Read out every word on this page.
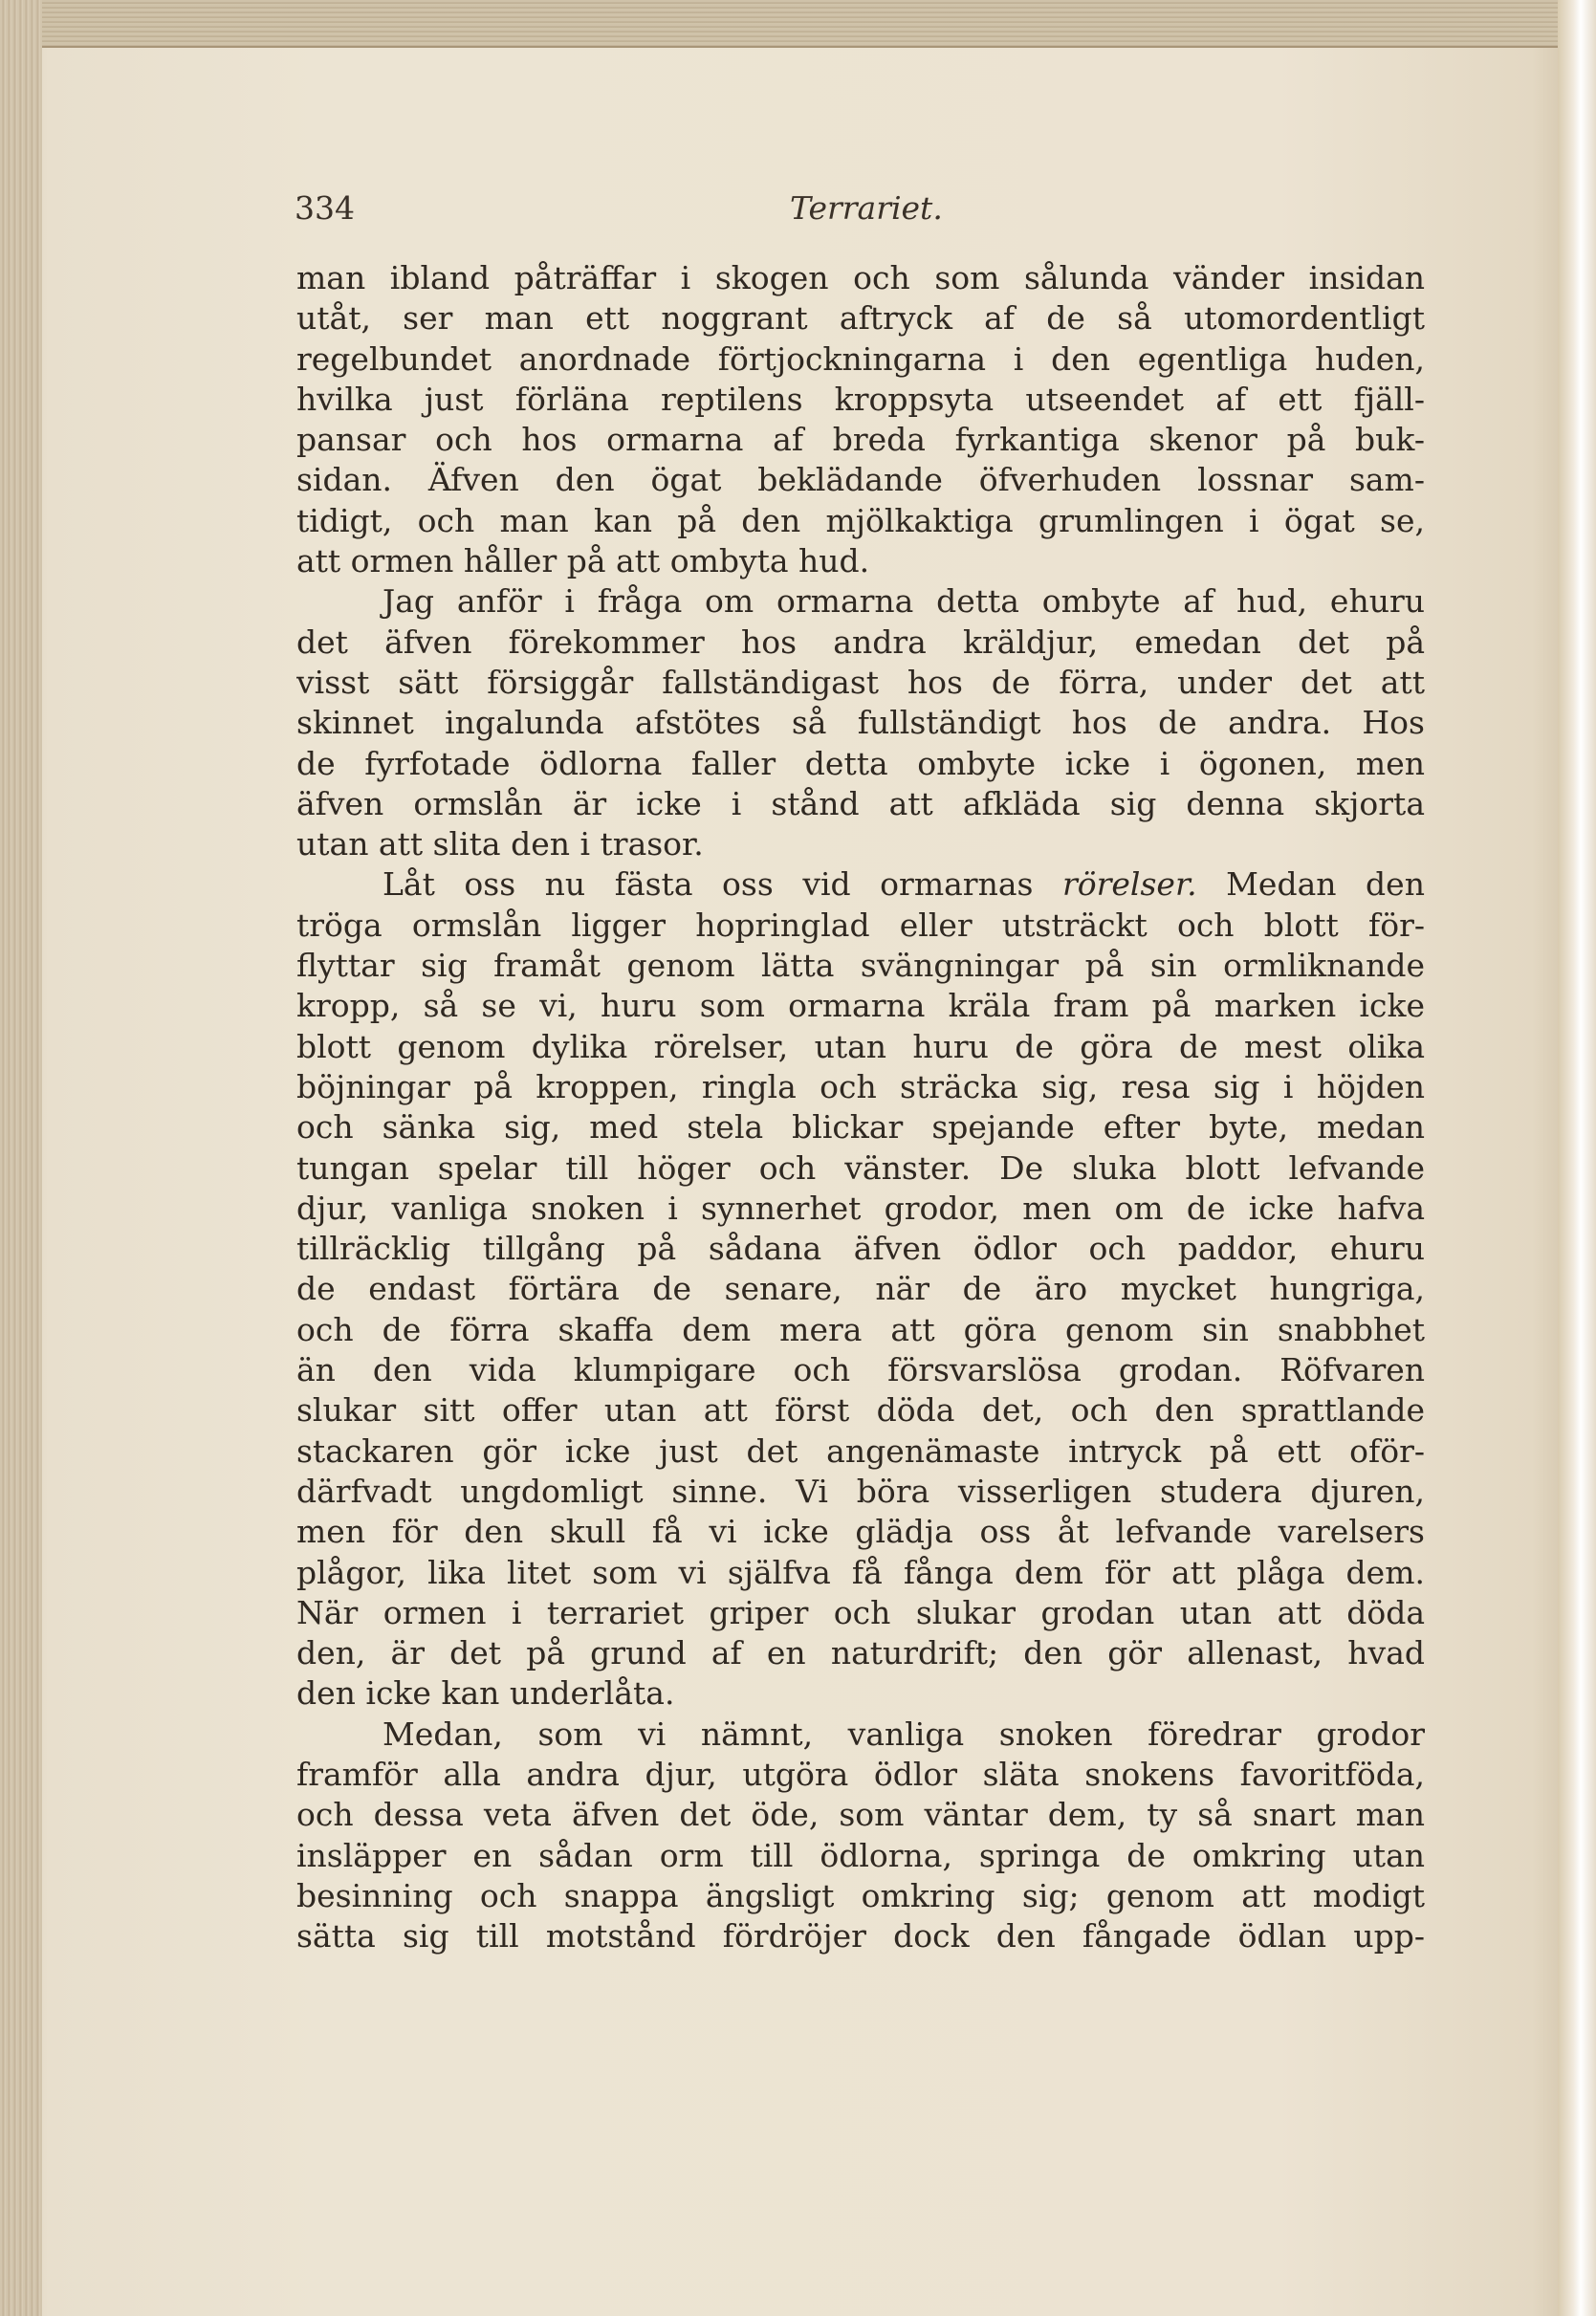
334	Terrariet.
man ibland påträffar i skogen och som sålunda vänder insidan
utåt, ser man ett noggrant aftryck af de så utomordentligt
regelbundet anordnade förtjockningarna i den egentliga huden,
hvilka just förläna reptilens kroppsyta utseendet af ett fjäll-
pansar och hos ormarna af breda fyrkantiga skenor på buk-
sidan. Äfven den ögat beklädande öfverhuden lossnar sam-
tidigt, och man kan på den mjölkaktiga grumlingen i ögat se,
att ormen håller på att ombyta hud.
Jag anför i fråga om ormarna detta ombyte af hud, ehuru
det äfven förekommer hos andra kräldjur, emedan det på
visst sätt försiggår fallständigast hos de förra, under det att
skinnet ingalunda afstötes så fullständigt hos de andra. Hos
de fyrfotade ödlorna faller detta ombyte icke i ögonen, men
äfven ormslån är icke i stånd att afkläda sig denna skjorta
utan att slita den i trasor.
Låt oss nu fästa oss vid ormarnas rörelser. Medan den
tröga ormslån ligger hopringlad eller utsträckt och blott för-
flyttar sig framåt genom lätta svängningar på sin ormliknande
kropp, så se vi, huru som ormarna kräla fram på marken icke
blott genom dylika rörelser, utan huru de göra de mest olika
böjningar på kroppen, ringla och sträcka sig, resa sig i höjden
och sänka sig, med stela blickar spejande efter byte, medan
tungan spelar till höger och vänster. De sluka blott lefvande
djur, vanliga snoken i synnerhet grodor, men om de icke hafva
tillräcklig tillgång på sådana äfven ödlor och paddor, ehuru
de endast förtära de senare, när de äro mycket hungriga,
och de förra skaffa dem mera att göra genom sin snabbhet
än den vida klumpigare och försvarslösa grodan. Röfvaren
slukar sitt offer utan att först döda det, och den sprattlande
stackaren gör icke just det angenämaste intryck på ett oför-
därfvadt ungdomligt sinne. Vi böra visserligen studera djuren,
men för den skull få vi icke glädja oss åt lefvande varelsers
plågor, lika litet som vi själfva få fånga dem för att plåga dem.
När ormen i terrariet griper och slukar grodan utan att döda
den, är det på grund af en naturdrift; den gör allenast, hvad
den icke kan underlåta.
Medan, som vi nämnt, vanliga snoken föredrar grodor
framför alla andra djur, utgöra ödlor släta snokens favoritföda,
och dessa veta äfven det öde, som väntar dem, ty så snart man
insläpper en sådan orm till ödlorna, springa de omkring utan
besinning och snappa ängsligt omkring sig; genom att modigt
sätta sig till motstånd fördröjer dock den fångade ödlan upp-
